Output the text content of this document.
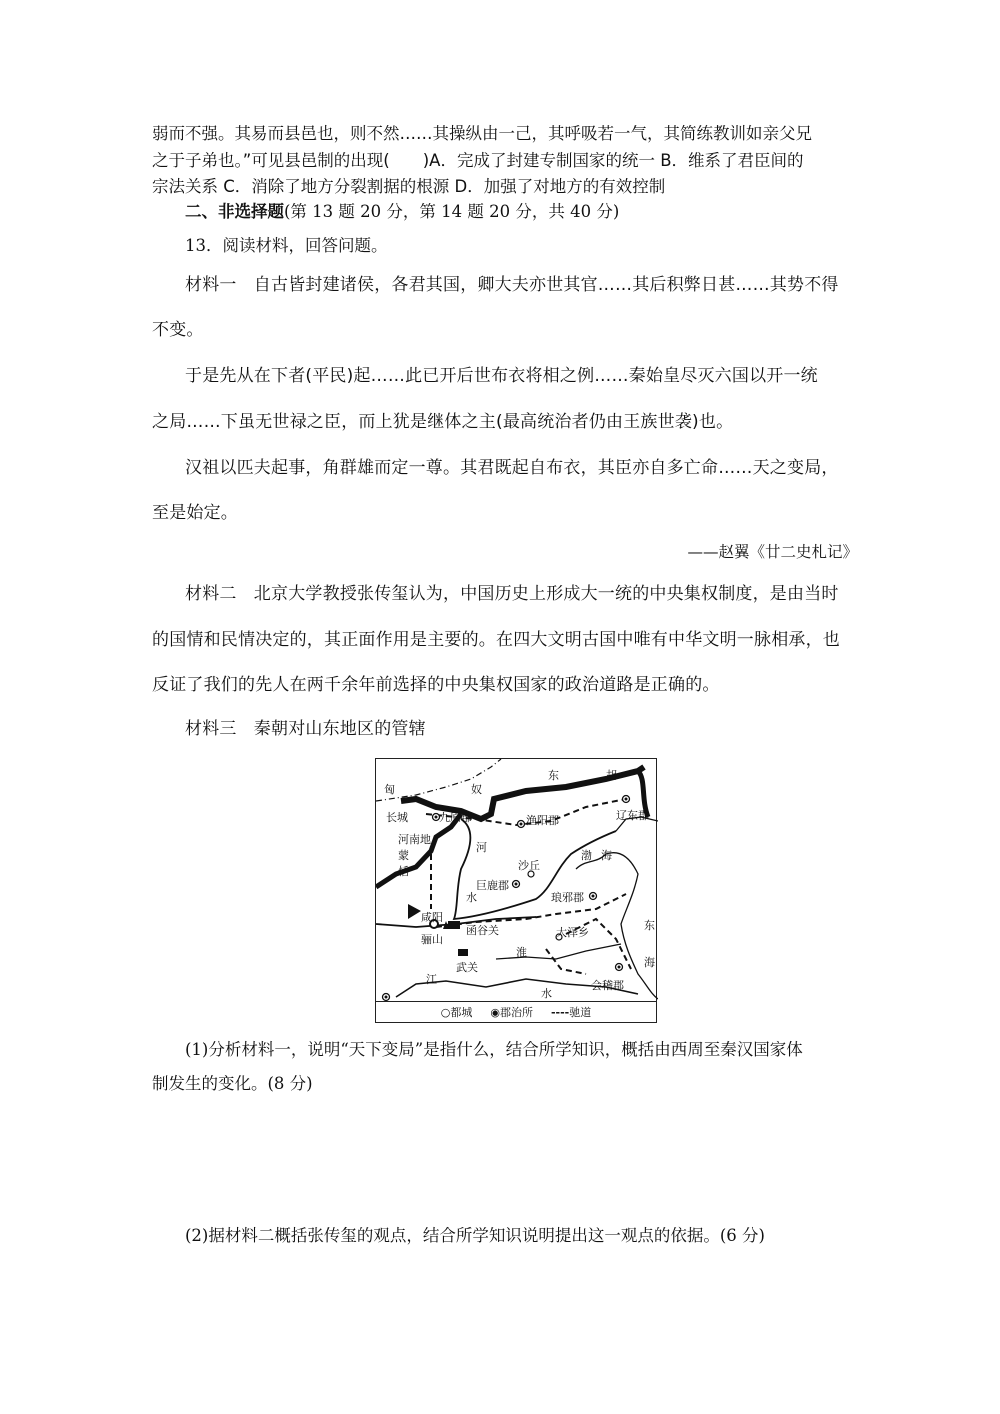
弱而不强。其易而县邑也，则不然……其操纵由一己，其呼吸若一气，其简练教训如亲父兄
之于子弟也。”可见县邑制的出现(　　)A．完成了封建专制国家的统一 B．维系了君臣间的
宗法关系 C．消除了地方分裂割据的根源 D．加强了对地方的有效控制
二、非选择题(第 13 题 20 分，第 14 题 20 分，共 40 分)
13．阅读材料，回答问题。
材料一　自古皆封建诸侯，各君其国，卿大夫亦世其官……其后积弊日甚……其势不得
不变。
于是先从在下者(平民)起……此已开后世布衣将相之例……秦始皇尽灭六国以开一统
之局……下虽无世禄之臣，而上犹是继体之主(最高统治者仍由王族世袭)也。
汉祖以匹夫起事，角群雄而定一尊。其君既起自布衣，其臣亦自多亡命……天之变局，
至是始定。
——赵翼《廿二史札记》
材料二　北京大学教授张传玺认为，中国历史上形成大一统的中央集权制度，是由当时
的国情和民情决定的，其正面作用是主要的。在四大文明古国中唯有中华文明一脉相承，也
反证了我们的先人在两千余年前选择的中央集权国家的政治道路是正确的。
材料三　秦朝对山东地区的管辖
匈	奴
东	胡
长城	九原郡	渔阳郡	辽东郡
河南地
蒙
恬
河
水
渤 海
沙丘
巨鹿郡
琅邪郡
咸阳
骊山
函谷关
武关
大泽乡
淮
江
水
会稽郡
东
海
○都城 ◉郡治所 ----驰道
(1)分析材料一，说明“天下变局”是指什么，结合所学知识，概括由西周至秦汉国家体
制发生的变化。(8 分)
(2)据材料二概括张传玺的观点，结合所学知识说明提出这一观点的依据。(6 分)
